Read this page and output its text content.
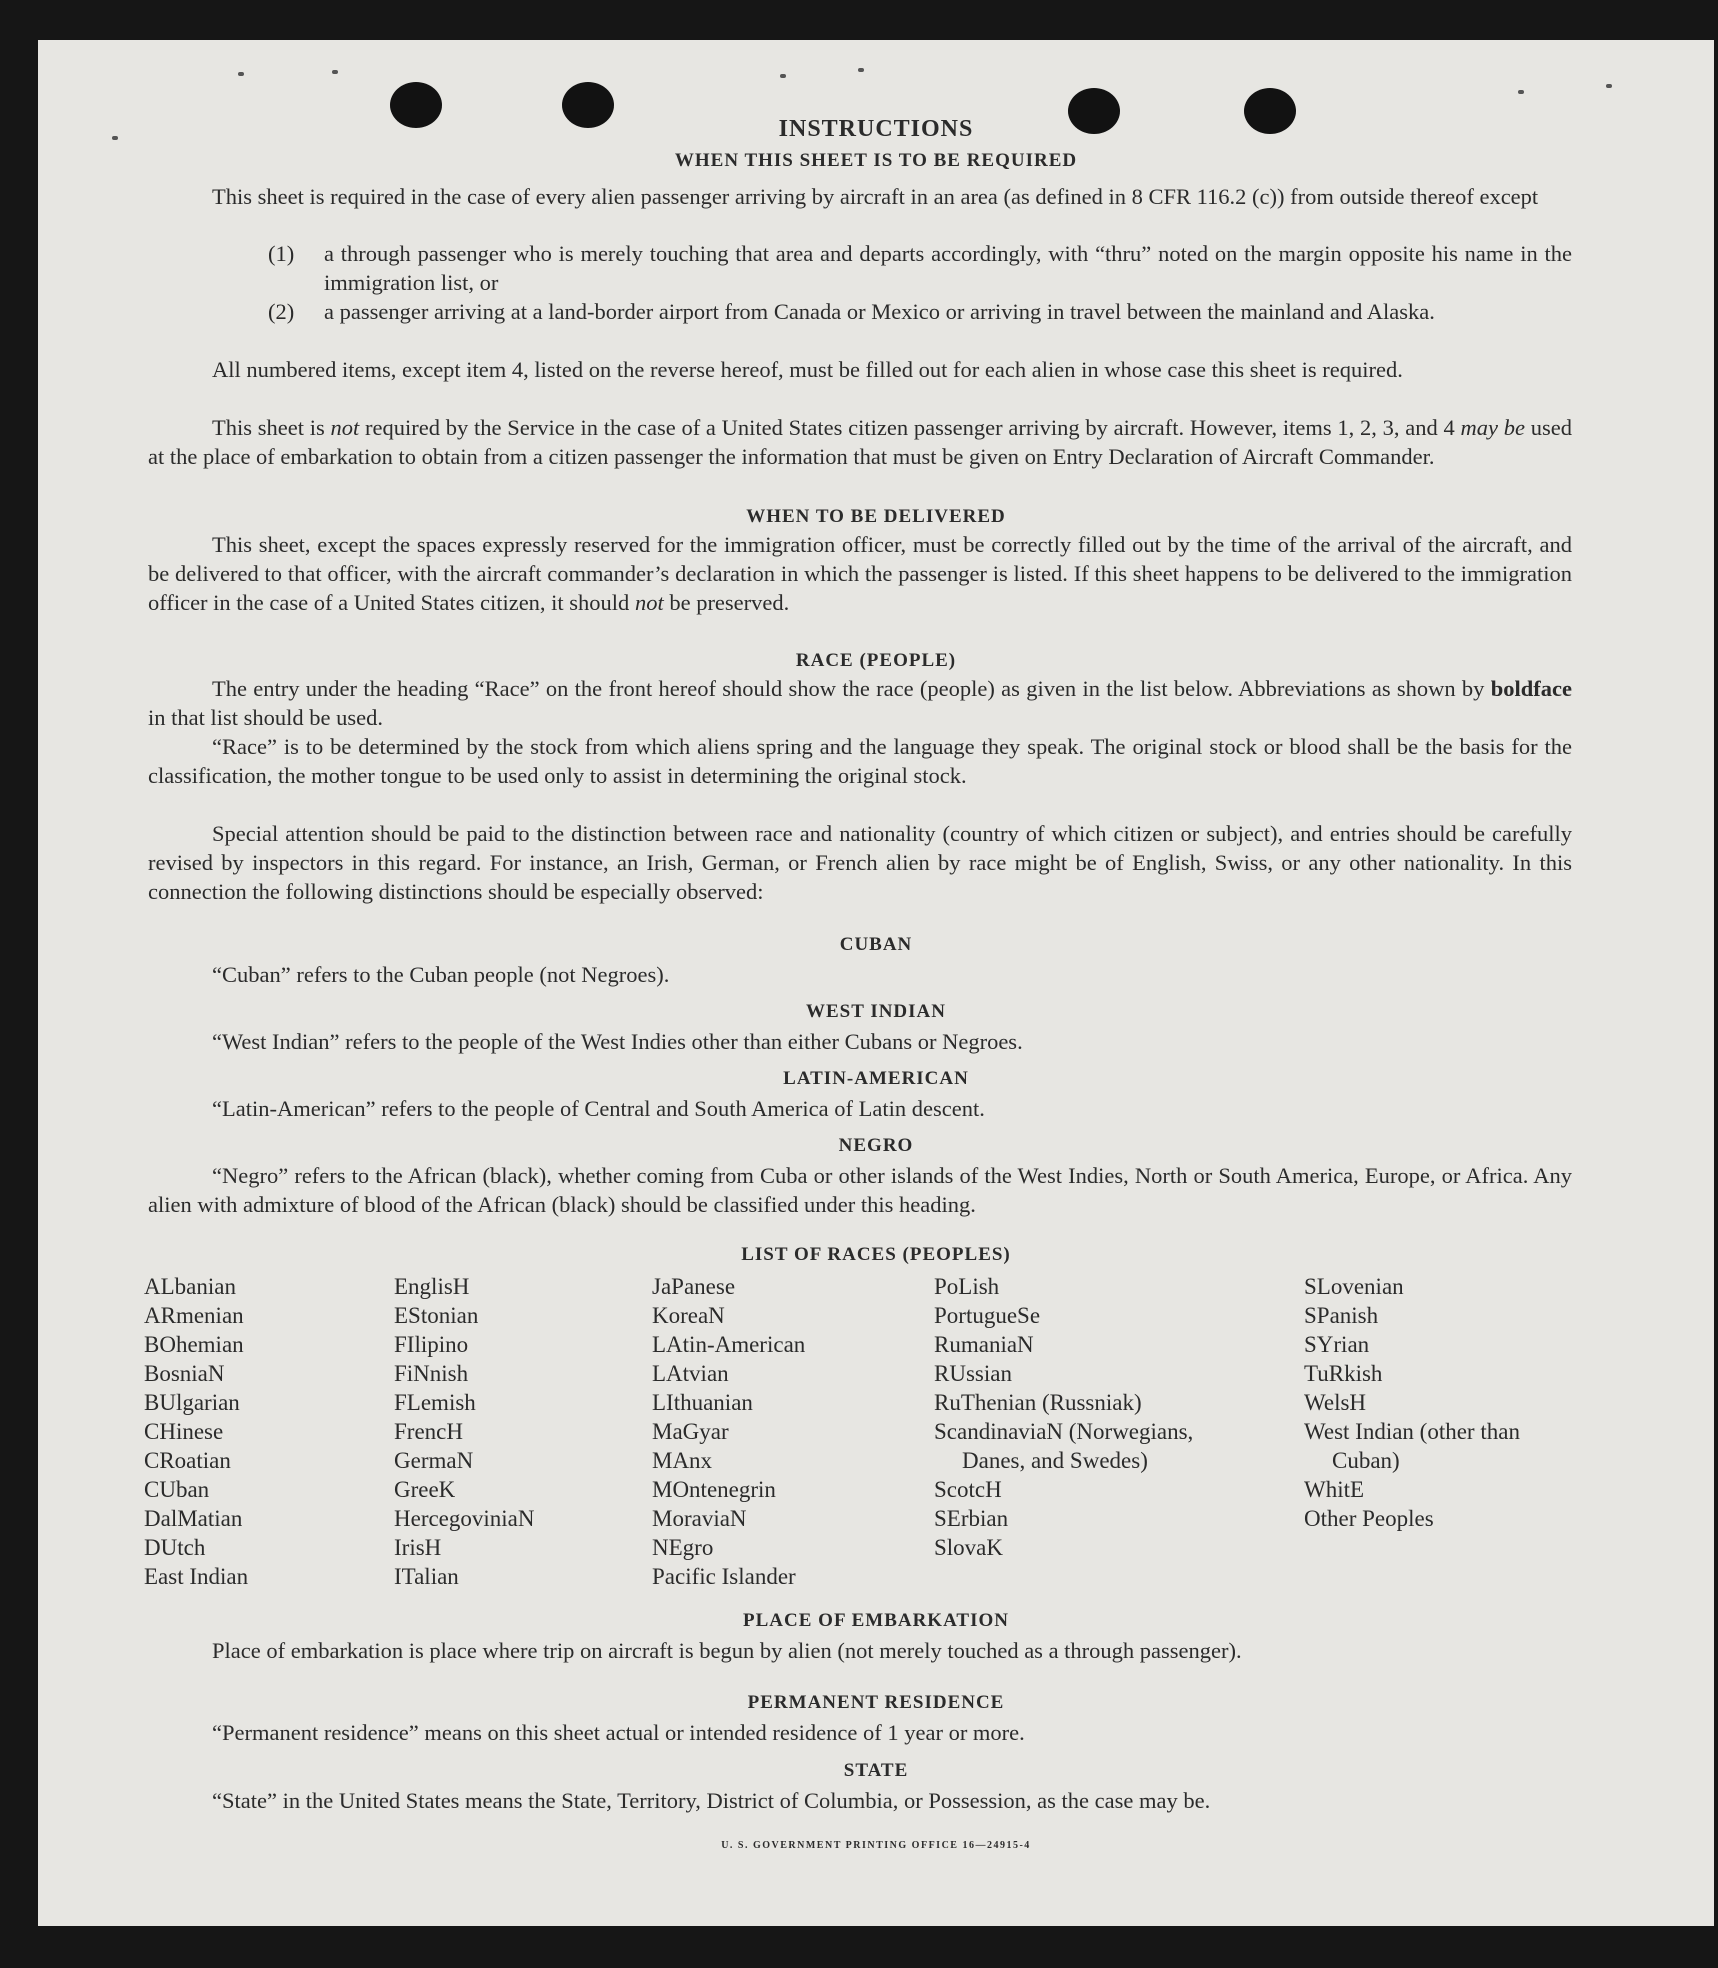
INSTRUCTIONS
WHEN THIS SHEET IS TO BE REQUIRED
This sheet is required in the case of every alien passenger arriving by aircraft in an area (as defined in 8 CFR 116.2 (c)) from outside thereof except
(1) a through passenger who is merely touching that area and departs accordingly, with “thru” noted on the margin opposite his name in the immigration list, or
(2) a passenger arriving at a land-border airport from Canada or Mexico or arriving in travel between the mainland and Alaska.
All numbered items, except item 4, listed on the reverse hereof, must be filled out for each alien in whose case this sheet is required.
This sheet is not required by the Service in the case of a United States citizen passenger arriving by aircraft. However, items 1, 2, 3, and 4 may be used at the place of embarkation to obtain from a citizen passenger the information that must be given on Entry Declaration of Aircraft Commander.
WHEN TO BE DELIVERED
This sheet, except the spaces expressly reserved for the immigration officer, must be correctly filled out by the time of the arrival of the aircraft, and be delivered to that officer, with the aircraft commander’s declaration in which the passenger is listed. If this sheet happens to be delivered to the immigration officer in the case of a United States citizen, it should not be preserved.
RACE (PEOPLE)
The entry under the heading “Race” on the front hereof should show the race (people) as given in the list below. Abbreviations as shown by boldface in that list should be used.
“Race” is to be determined by the stock from which aliens spring and the language they speak. The original stock or blood shall be the basis for the classification, the mother tongue to be used only to assist in determining the original stock.
Special attention should be paid to the distinction between race and nationality (country of which citizen or subject), and entries should be carefully revised by inspectors in this regard. For instance, an Irish, German, or French alien by race might be of English, Swiss, or any other nationality. In this connection the following distinctions should be especially observed:
CUBAN
“Cuban” refers to the Cuban people (not Negroes).
WEST INDIAN
“West Indian” refers to the people of the West Indies other than either Cubans or Negroes.
LATIN-AMERICAN
“Latin-American” refers to the people of Central and South America of Latin descent.
NEGRO
“Negro” refers to the African (black), whether coming from Cuba or other islands of the West Indies, North or South America, Europe, or Africa. Any alien with admixture of blood of the African (black) should be classified under this heading.
LIST OF RACES (PEOPLES)
ALbanian
ARmenian
BOhemian
BosniaN
BUlgarian
CHinese
CRoatian
CUban
DalMatian
DUtch
East Indian
EnglisH
EStonian
FIlipino
FiNnish
FLemish
FrencH
GermaN
GreeK
HercegoviniaN
IrisH
ITalian
JaPanese
KoreaN
LAtin-American
LAtvian
LIthuanian
MaGyar
MAnx
MOntenegrin
MoraviaN
NEgro
Pacific Islander
PoLish
PortugueSe
RumaniaN
RUssian
RuThenian (Russniak)
ScandinaviaN (Norwegians, Danes, and Swedes)
ScotcH
SErbian
SlovaK
SLovenian
SPanish
SYrian
TuRkish
WelsH
West Indian (other than Cuban)
WhitE
Other Peoples
PLACE OF EMBARKATION
Place of embarkation is place where trip on aircraft is begun by alien (not merely touched as a through passenger).
PERMANENT RESIDENCE
“Permanent residence” means on this sheet actual or intended residence of 1 year or more.
STATE
“State” in the United States means the State, Territory, District of Columbia, or Possession, as the case may be.
U. S. GOVERNMENT PRINTING OFFICE 16—24915-4
